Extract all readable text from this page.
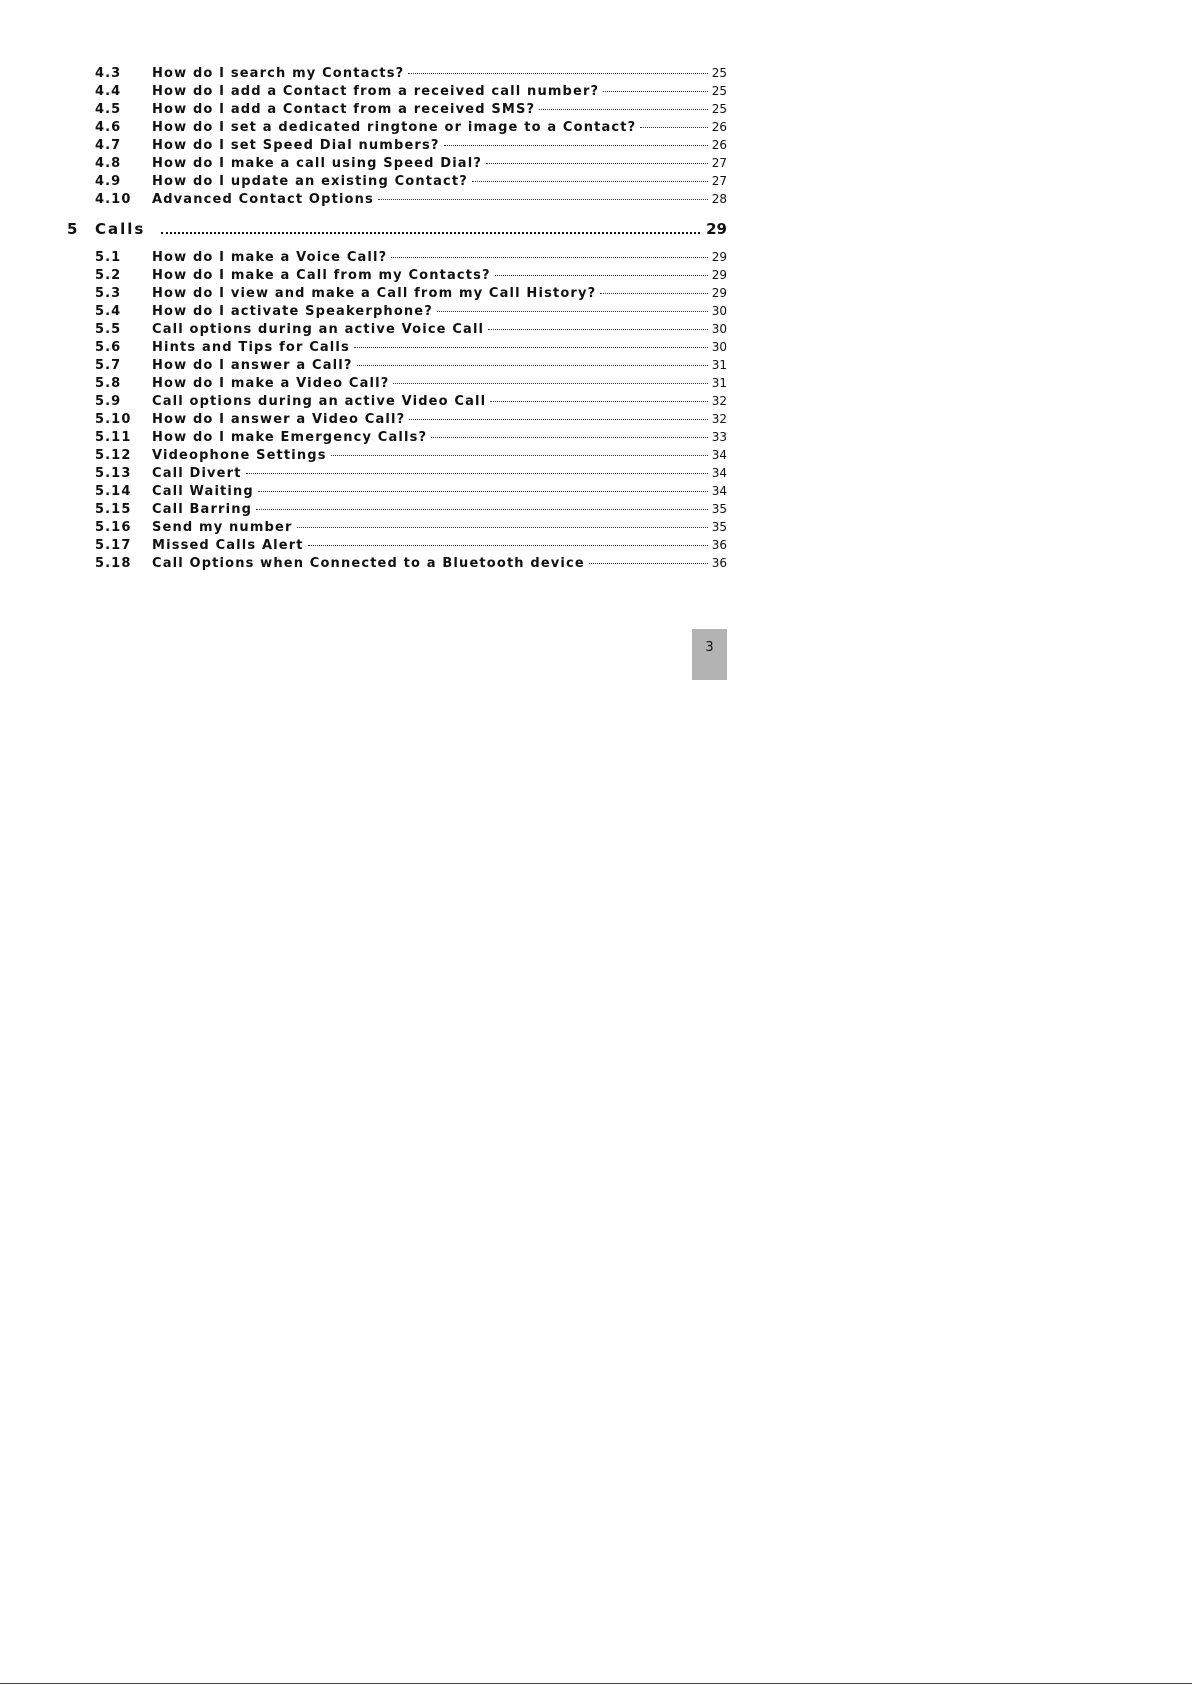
4.3 How do I search my Contacts?	25
4.4 How do I add a Contact from a received call number?	25
4.5 How do I add a Contact from a received SMS?	25
4.6 How do I set a dedicated ringtone or image to a Contact?	26
4.7 How do I set Speed Dial numbers?	26
4.8 How do I make a call using Speed Dial?	27
4.9 How do I update an existing Contact?	27
4.10 Advanced Contact Options	28
5 Calls	29
5.1 How do I make a Voice Call?	29
5.2 How do I make a Call from my Contacts?	29
5.3 How do I view and make a Call from my Call History?	29
5.4 How do I activate Speakerphone?	30
5.5 Call options during an active Voice Call	30
5.6 Hints and Tips for Calls	30
5.7 How do I answer a Call?	31
5.8 How do I make a Video Call?	31
5.9 Call options during an active Video Call	32
5.10 How do I answer a Video Call?	32
5.11 How do I make Emergency Calls?	33
5.12 Videophone Settings	34
5.13 Call Divert	34
5.14 Call Waiting	34
5.15 Call Barring	35
5.16 Send my number	35
5.17 Missed Calls Alert	36
5.18 Call Options when Connected to a Bluetooth device	36
3
